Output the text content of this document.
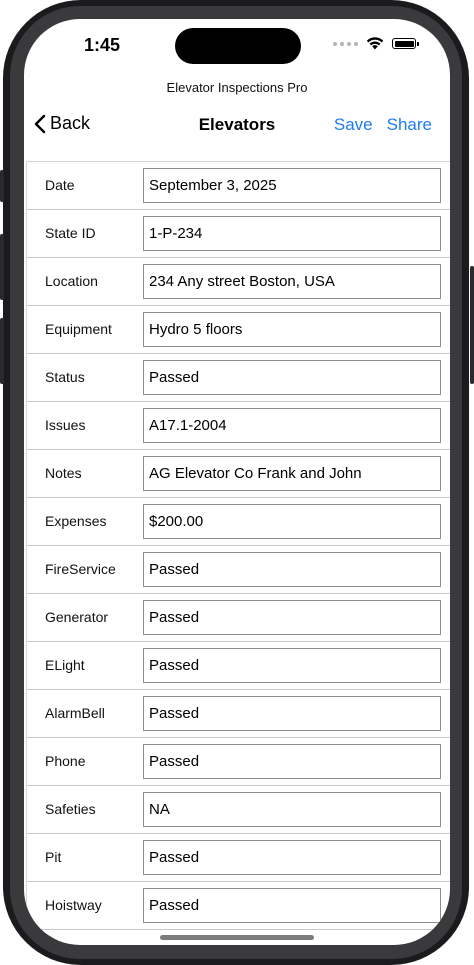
1:45
Elevator Inspections Pro
Back	Elevators	Save Share
Date
September 3, 2025
State ID
1-P-234
Location
234 Any street Boston, USA
Equipment
Hydro 5 floors
Status
Passed
Issues
A17.1-2004
Notes
AG Elevator Co Frank and John
Expenses
$200.00
FireService
Passed
Generator
Passed
ELight
Passed
AlarmBell
Passed
Phone
Passed
Safeties
NA
Pit
Passed
Hoistway
Passed
